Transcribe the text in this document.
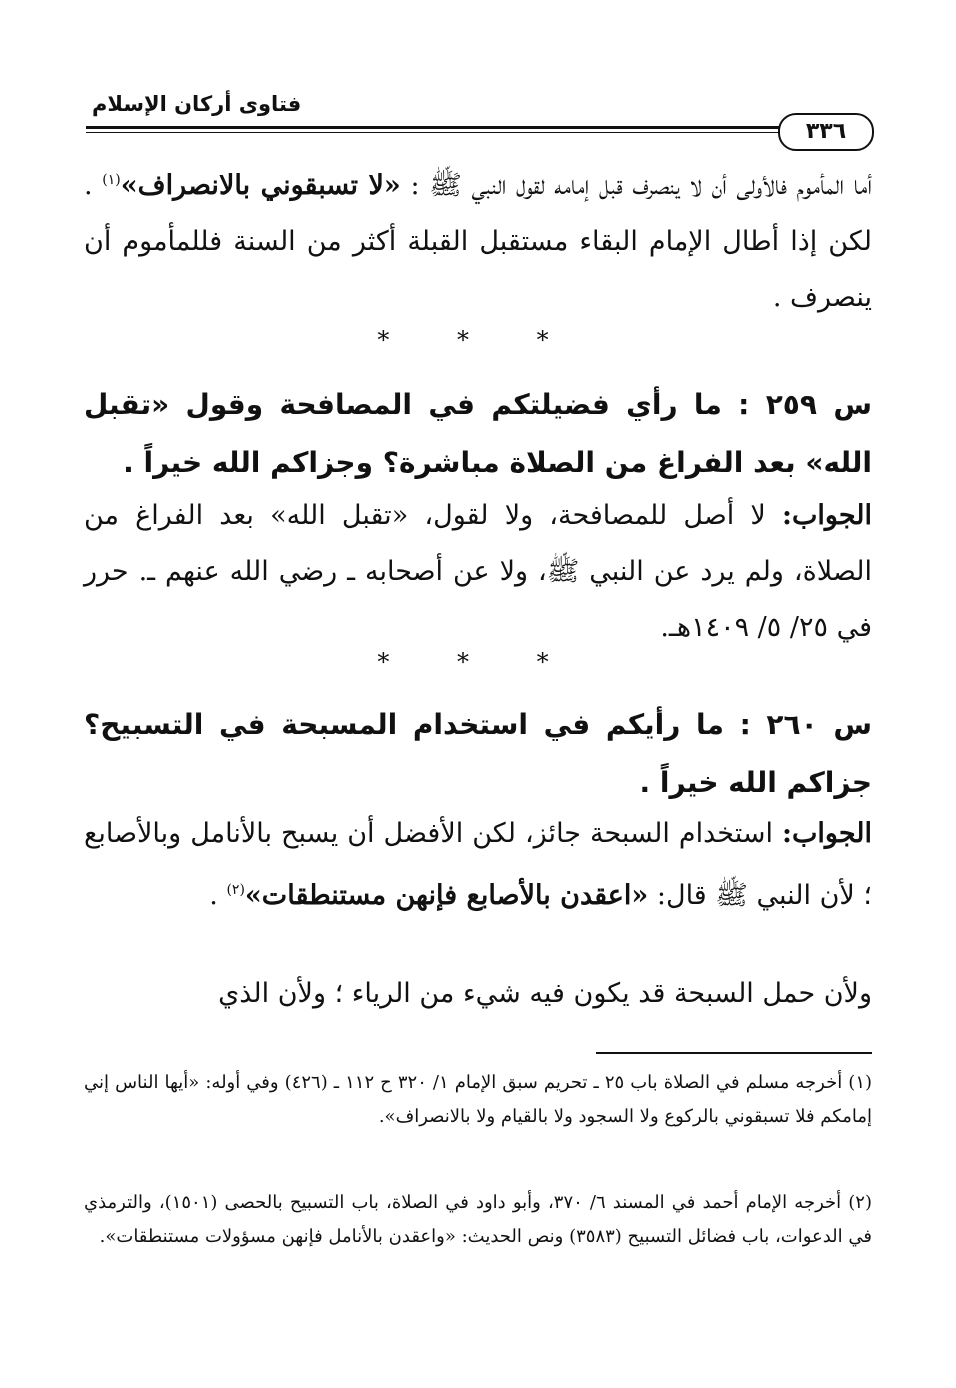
فتاوى أركان الإسلام
٣٣٦
أما المأموم فالأولى أن لا ينصرف قبل إمامه لقول النبي ﷺ : «لا تسبقوني بالانصراف»$^{(١)}$ . لكن إذا أطال الإمام البقاء مستقبل القبلة أكثر من السنة فللمأموم أن ينصرف .
* * *
س ٢٥٩ : ما رأي فضيلتكم في المصافحة وقول «تقبل الله» بعد الفراغ من الصلاة مباشرة؟ وجزاكم الله خيراً .
الجواب: لا أصل للمصافحة، ولا لقول، «تقبل الله» بعد الفراغ من الصلاة، ولم يرد عن النبي ﷺ، ولا عن أصحابه ـ رضي الله عنهم ـ. حرر في ٢٥/ ٥/ ١٤٠٩هـ.
* * *
س ٢٦٠ : ما رأيكم في استخدام المسبحة في التسبيح؟ جزاكم الله خيراً .
الجواب: استخدام السبحة جائز، لكن الأفضل أن يسبح بالأنامل وبالأصابع ؛ لأن النبي ﷺ قال: «اعقدن بالأصابع فإنهن مستنطقات»$^{(٢)}$ .
ولأن حمل السبحة قد يكون فيه شيء من الرياء ؛ ولأن الذي
(١) أخرجه مسلم في الصلاة باب ٢٥ ـ تحريم سبق الإمام ١/ ٣٢٠ ح ١١٢ ـ (٤٢٦) وفي أوله: «أيها الناس إني إمامكم فلا تسبقوني بالركوع ولا السجود ولا بالقيام ولا بالانصراف».
(٢) أخرجه الإمام أحمد في المسند ٦/ ٣٧٠، وأبو داود في الصلاة، باب التسبيح بالحصى (١٥٠١)، والترمذي في الدعوات، باب فضائل التسبيح (٣٥٨٣) ونص الحديث: «واعقدن بالأنامل فإنهن مسؤولات مستنطقات».
